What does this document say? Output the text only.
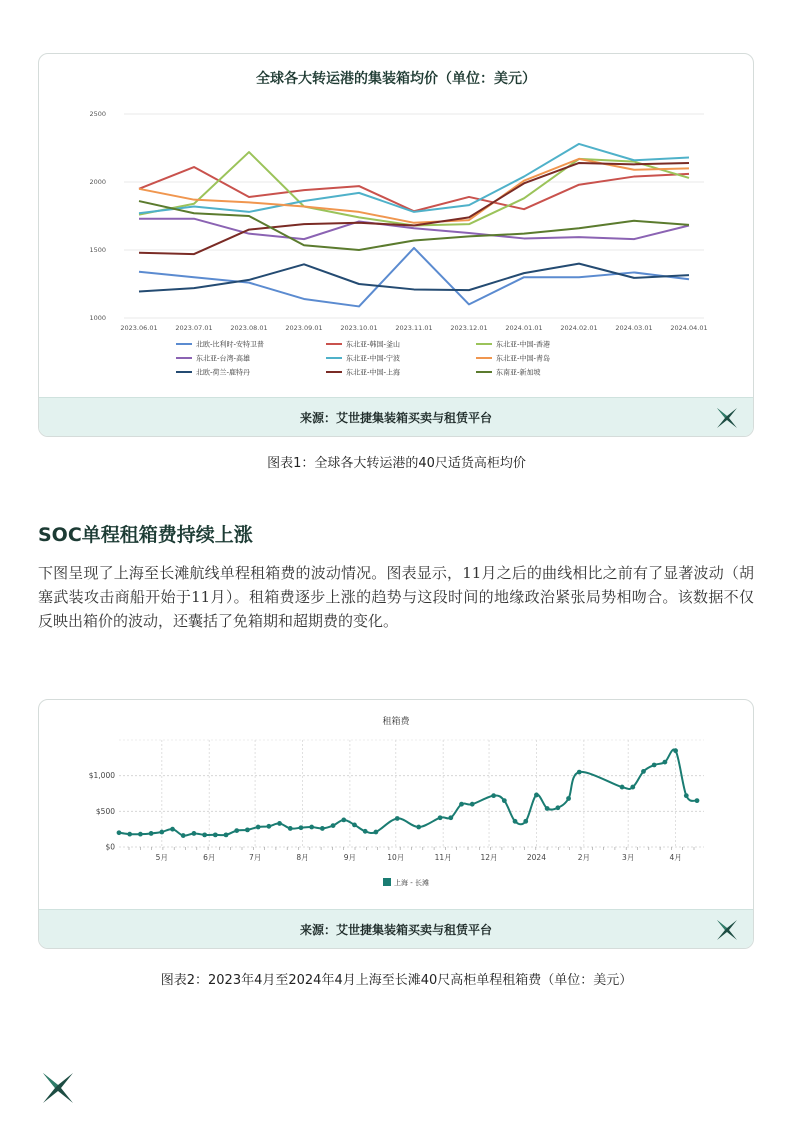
全球各大转运港的集装箱均价（单位：美元）
1000
1500
2000
2500
2023.06.01	2023.07.01	2023.08.01	2023.09.01	2023.10.01	2023.11.01	2023.12.01	2024.01.01	2024.02.01	2024.03.01	2024.04.01
北欧-比利时-安特卫普	东北亚-韩国-釜山	东北亚-中国-香港
东北亚-台湾-高雄	东北亚-中国-宁波	东北亚-中国-青岛
北欧-荷兰-鹿特丹	东北亚-中国-上海	东南亚-新加坡
来源：艾世捷集装箱买卖与租赁平台
图表1：全球各大转运港的40尺适货高柜均价
SOC单程租箱费持续上涨
下图呈现了上海至长滩航线单程租箱费的波动情况。图表显示，11月之后的曲线相比之前有了显著波动（胡塞武装攻击商船开始于11月）。租箱费逐步上涨的趋势与这段时间的地缘政治紧张局势相吻合。该数据不仅反映出箱价的波动，还囊括了免箱期和超期费的变化。
租箱费
$0
$500
$1,000
5月	6月	7月	8月	9月	10月	11月	12月	2024	2月	3月	4月
上海 - 长滩
来源：艾世捷集装箱买卖与租赁平台
图表2：2023年4月至2024年4月上海至长滩40尺高柜单程租箱费（单位：美元）
